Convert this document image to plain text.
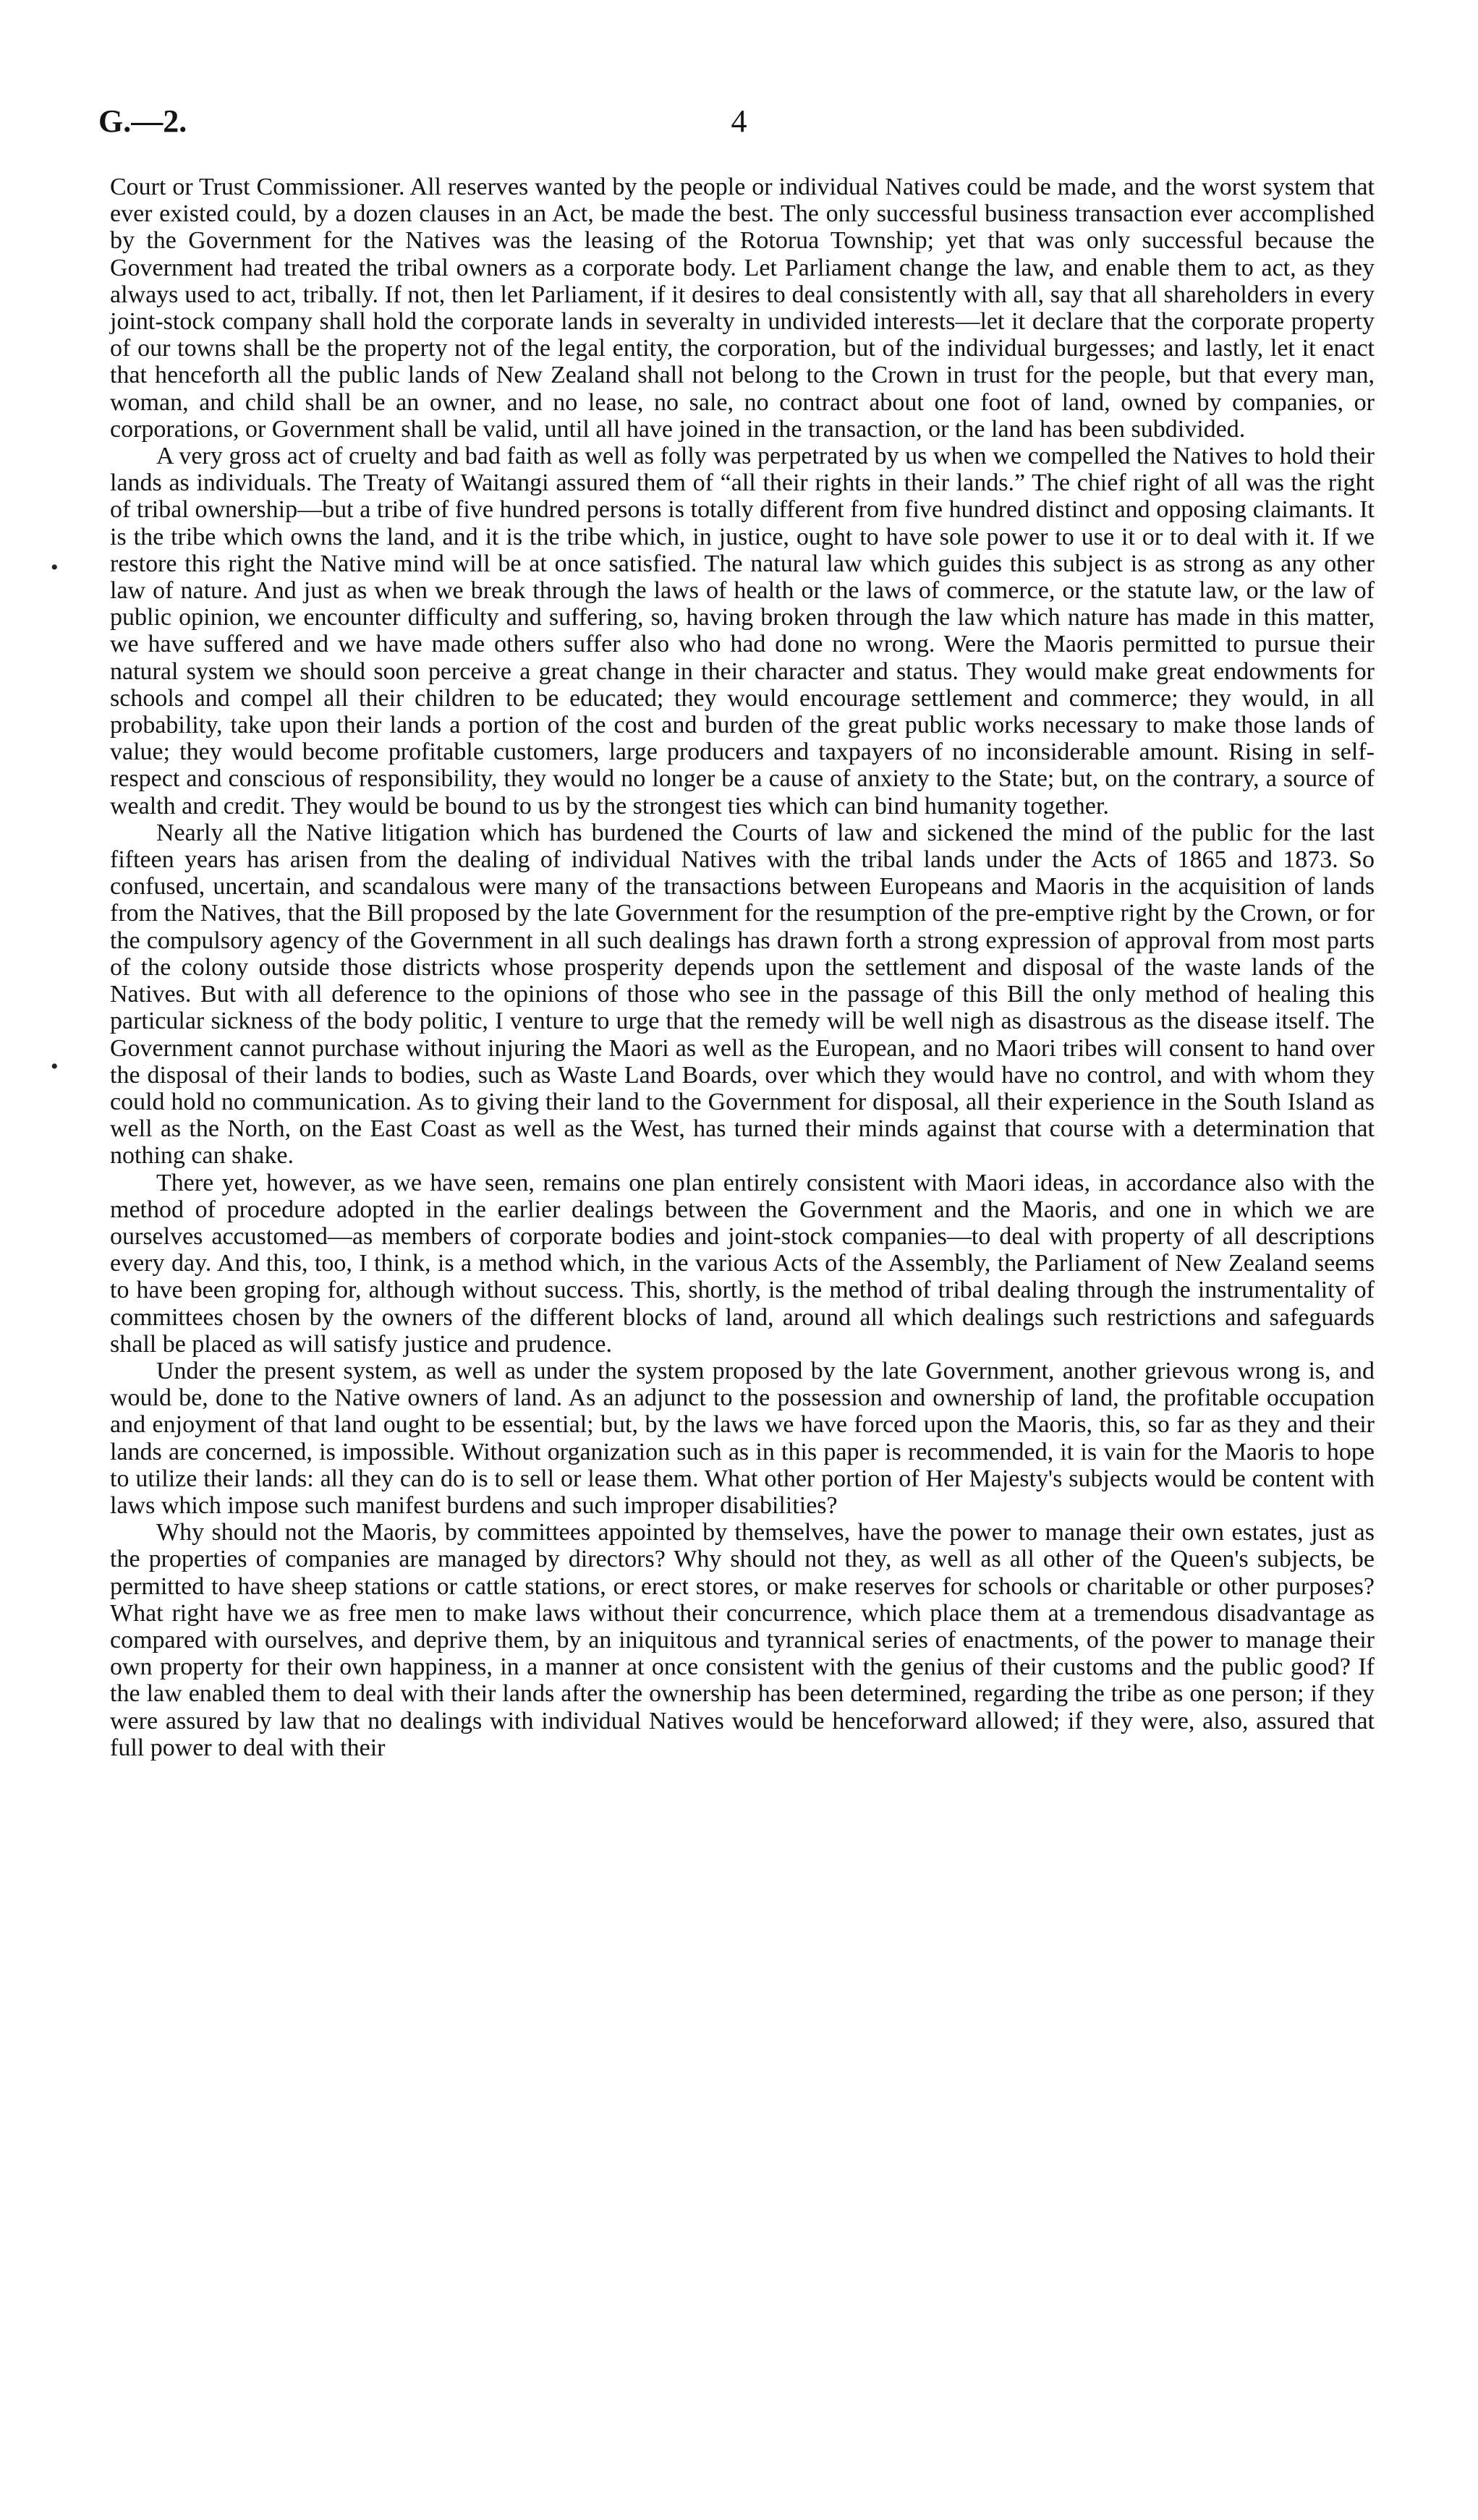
G.—2.	4
•
•

Court or Trust Commissioner. All reserves wanted by the people or individual Natives could be made, and the worst system that ever existed could, by a dozen clauses in an Act, be made the best. The only successful business transaction ever accomplished by the Government for the Natives was the leasing of the Rotorua Township; yet that was only successful because the Government had treated the tribal owners as a corporate body. Let Parliament change the law, and enable them to act, as they always used to act, tribally. If not, then let Parliament, if it desires to deal consistently with all, say that all shareholders in every joint-stock company shall hold the corporate lands in severalty in undivided interests—let it declare that the corporate property of our towns shall be the property not of the legal entity, the corporation, but of the individual burgesses; and lastly, let it enact that henceforth all the public lands of New Zealand shall not belong to the Crown in trust for the people, but that every man, woman, and child shall be an owner, and no lease, no sale, no contract about one foot of land, owned by companies, or corporations, or Government shall be valid, until all have joined in the transaction, or the land has been subdivided.

A very gross act of cruelty and bad faith as well as folly was perpetrated by us when we compelled the Natives to hold their lands as individuals. The Treaty of Waitangi assured them of “all their rights in their lands.” The chief right of all was the right of tribal ownership—but a tribe of five hundred persons is totally different from five hundred distinct and opposing claimants. It is the tribe which owns the land, and it is the tribe which, in justice, ought to have sole power to use it or to deal with it. If we restore this right the Native mind will be at once satisfied. The natural law which guides this subject is as strong as any other law of nature. And just as when we break through the laws of health or the laws of commerce, or the statute law, or the law of public opinion, we encounter difficulty and suffering, so, having broken through the law which nature has made in this matter, we have suffered and we have made others suffer also who had done no wrong. Were the Maoris permitted to pursue their natural system we should soon perceive a great change in their character and status. They would make great endowments for schools and compel all their children to be educated; they would encourage settlement and commerce; they would, in all probability, take upon their lands a portion of the cost and burden of the great public works necessary to make those lands of value; they would become profitable customers, large producers and taxpayers of no inconsiderable amount. Rising in self-respect and conscious of responsibility, they would no longer be a cause of anxiety to the State; but, on the contrary, a source of wealth and credit. They would be bound to us by the strongest ties which can bind humanity together.

Nearly all the Native litigation which has burdened the Courts of law and sickened the mind of the public for the last fifteen years has arisen from the dealing of individual Natives with the tribal lands under the Acts of 1865 and 1873. So confused, uncertain, and scandalous were many of the transactions between Europeans and Maoris in the acquisition of lands from the Natives, that the Bill proposed by the late Government for the resumption of the pre-emptive right by the Crown, or for the compulsory agency of the Government in all such dealings has drawn forth a strong expression of approval from most parts of the colony outside those districts whose prosperity depends upon the settlement and disposal of the waste lands of the Natives. But with all deference to the opinions of those who see in the passage of this Bill the only method of healing this particular sickness of the body politic, I venture to urge that the remedy will be well nigh as disastrous as the disease itself. The Government cannot purchase without injuring the Maori as well as the European, and no Maori tribes will consent to hand over the disposal of their lands to bodies, such as Waste Land Boards, over which they would have no control, and with whom they could hold no communication. As to giving their land to the Government for disposal, all their experience in the South Island as well as the North, on the East Coast as well as the West, has turned their minds against that course with a determination that nothing can shake.

There yet, however, as we have seen, remains one plan entirely consistent with Maori ideas, in accordance also with the method of procedure adopted in the earlier dealings between the Government and the Maoris, and one in which we are ourselves accustomed—as members of corporate bodies and joint-stock companies—to deal with property of all descriptions every day. And this, too, I think, is a method which, in the various Acts of the Assembly, the Parliament of New Zealand seems to have been groping for, although without success. This, shortly, is the method of tribal dealing through the instrumentality of committees chosen by the owners of the different blocks of land, around all which dealings such restrictions and safeguards shall be placed as will satisfy justice and prudence.

Under the present system, as well as under the system proposed by the late Government, another grievous wrong is, and would be, done to the Native owners of land. As an adjunct to the possession and ownership of land, the profitable occupation and enjoyment of that land ought to be essential; but, by the laws we have forced upon the Maoris, this, so far as they and their lands are concerned, is impossible. Without organization such as in this paper is recommended, it is vain for the Maoris to hope to utilize their lands: all they can do is to sell or lease them. What other portion of Her Majesty's subjects would be content with laws which impose such manifest burdens and such improper disabilities?

Why should not the Maoris, by committees appointed by themselves, have the power to manage their own estates, just as the properties of companies are managed by directors? Why should not they, as well as all other of the Queen's subjects, be permitted to have sheep stations or cattle stations, or erect stores, or make reserves for schools or charitable or other purposes? What right have we as free men to make laws without their concurrence, which place them at a tremendous disadvantage as compared with ourselves, and deprive them, by an iniquitous and tyrannical series of enactments, of the power to manage their own property for their own happiness, in a manner at once consistent with the genius of their customs and the public good? If the law enabled them to deal with their lands after the ownership has been determined, regarding the tribe as one person; if they were assured by law that no dealings with individual Natives would be henceforward allowed; if they were, also, assured that full power to deal with their
